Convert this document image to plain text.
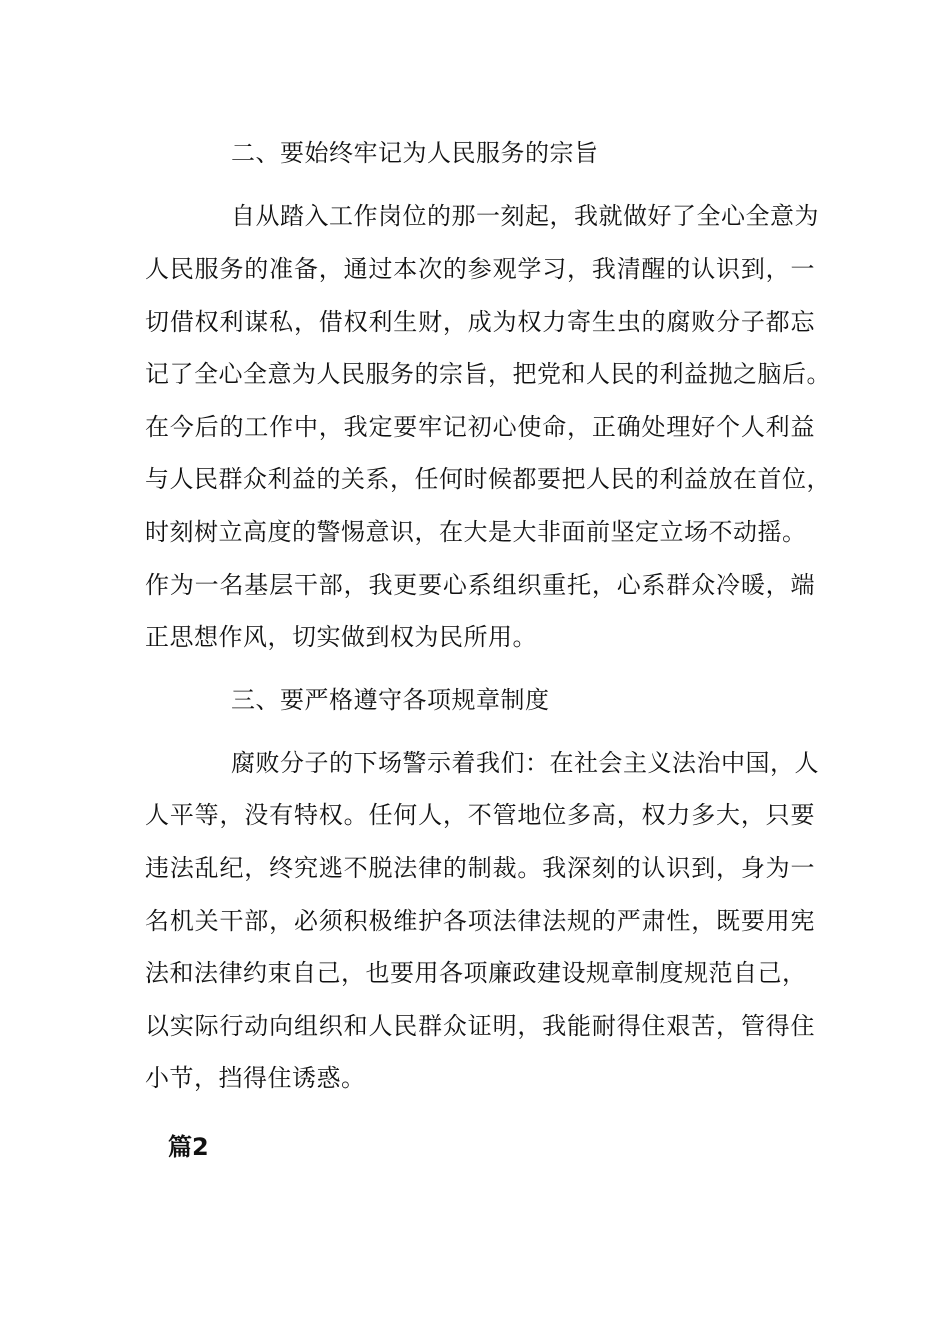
二、要始终牢记为人民服务的宗旨
自从踏入工作岗位的那一刻起，我就做好了全心全意为
人民服务的准备，通过本次的参观学习，我清醒的认识到，一
切借权利谋私，借权利生财，成为权力寄生虫的腐败分子都忘
记了全心全意为人民服务的宗旨，把党和人民的利益抛之脑后。
在今后的工作中，我定要牢记初心使命，正确处理好个人利益
与人民群众利益的关系，任何时候都要把人民的利益放在首位，
时刻树立高度的警惕意识，在大是大非面前坚定立场不动摇。
作为一名基层干部，我更要心系组织重托，心系群众冷暖，端
正思想作风，切实做到权为民所用。
三、要严格遵守各项规章制度
腐败分子的下场警示着我们：在社会主义法治中国，人
人平等，没有特权。任何人，不管地位多高，权力多大，只要
违法乱纪，终究逃不脱法律的制裁。我深刻的认识到，身为一
名机关干部，必须积极维护各项法律法规的严肃性，既要用宪
法和法律约束自己，也要用各项廉政建设规章制度规范自己，
以实际行动向组织和人民群众证明，我能耐得住艰苦，管得住
小节，挡得住诱惑。
篇2
